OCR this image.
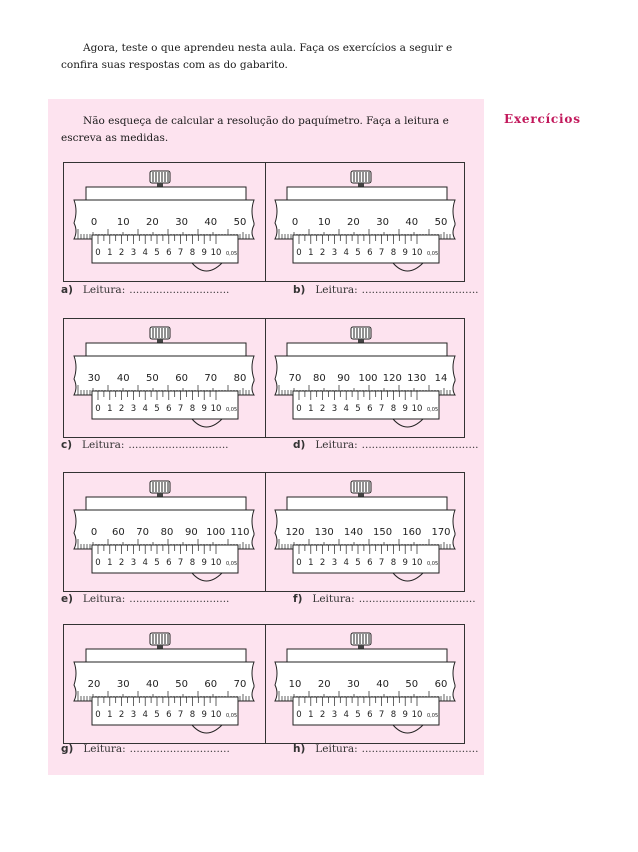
Agora, teste o que aprendeu nesta aula. Faça os exercícios a seguir e confira suas respostas com as do gabarito.
Não esqueça de calcular a resolução do paquímetro. Faça a leitura e escreva as medidas.
Exercícios
0 10 20 30 40 50
0 1 2 3 4 5 6 7 8 9 10 0,05
0 10 20 30 40 50
0 1 2 3 4 5 6 7 8 9 10 0,05
a) Leitura: ..............................	b) Leitura: ...................................
30 40 50 60 70 80
0 1 2 3 4 5 6 7 8 9 10 0,05
70 80 90 100 120 130 14
0 1 2 3 4 5 6 7 8 9 10 0,05
c) Leitura: ..............................	d) Leitura: ...................................
0 60 70 80 90 100 110
0 1 2 3 4 5 6 7 8 9 10 0,05
120 130 140 150 160 170
0 1 2 3 4 5 6 7 8 9 10 0,05
e) Leitura: ..............................	f) Leitura: ...................................
20 30 40 50 60 70
0 1 2 3 4 5 6 7 8 9 10 0,05
10 20 30 40 50 60
0 1 2 3 4 5 6 7 8 9 10 0,05
g) Leitura: ..............................	h) Leitura: ...................................
